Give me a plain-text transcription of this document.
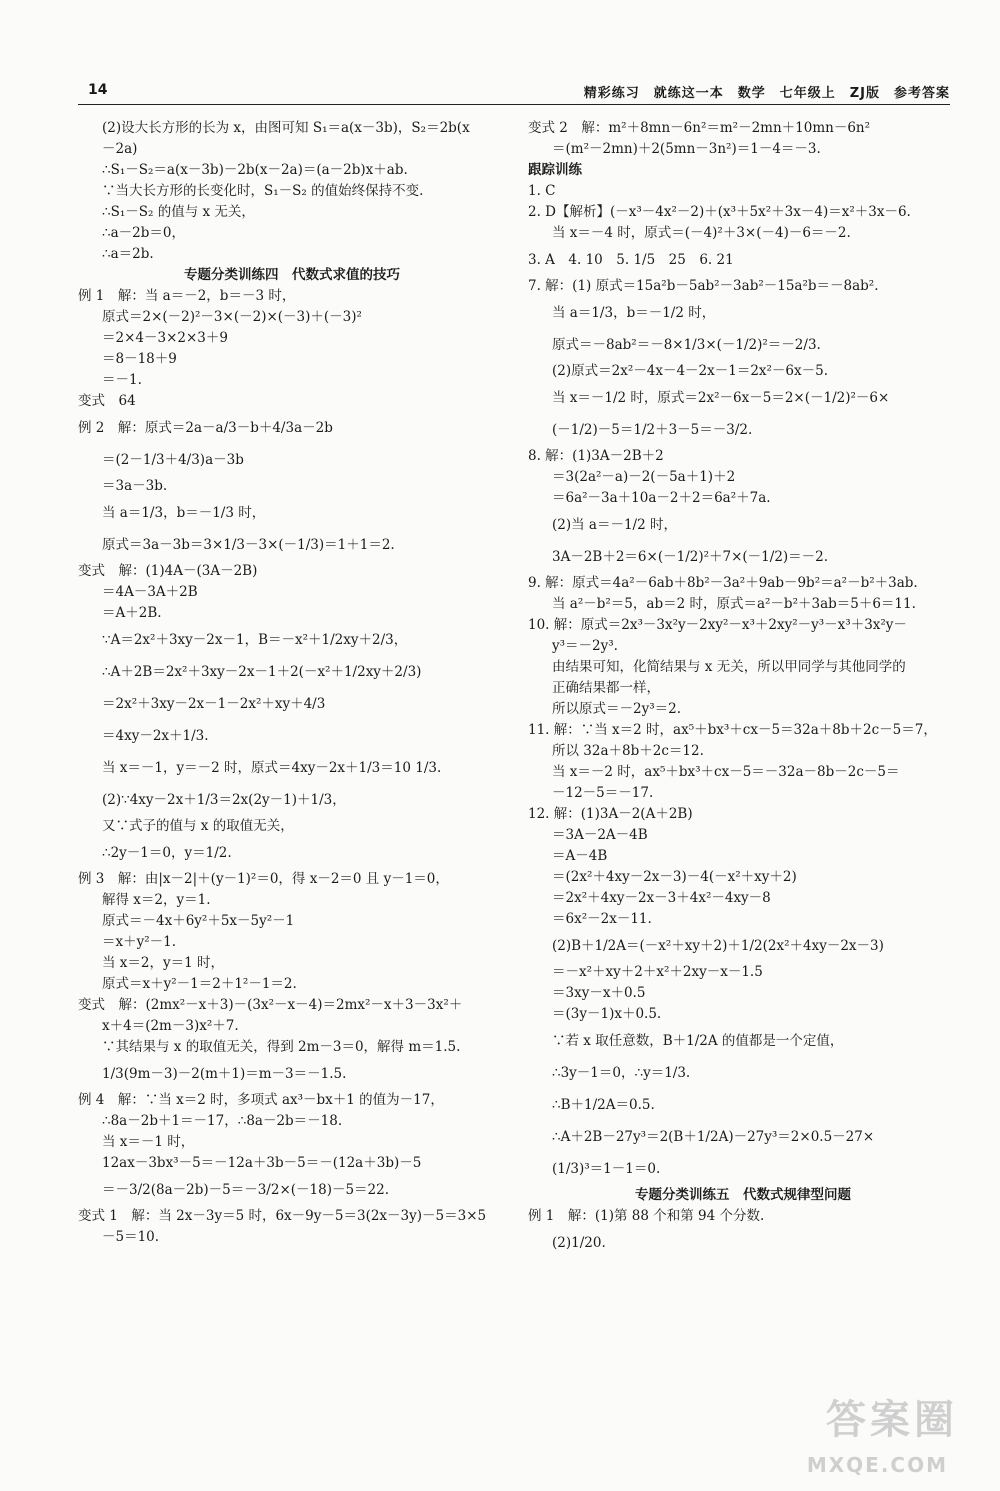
14	精彩练习　就练这一本　数学　七年级上　ZJ版　参考答案
(2)设大长方形的长为 x，由图可知 S₁＝a(x－3b)，S₂＝2b(x
－2a)
∴S₁－S₂＝a(x－3b)－2b(x－2a)＝(a－2b)x＋ab.
∵当大长方形的长变化时，S₁－S₂ 的值始终保持不变.
∴S₁－S₂ 的值与 x 无关，
∴a－2b＝0，
∴a＝2b.
专题分类训练四　代数式求值的技巧
例 1　解：当 a＝－2，b＝－3 时，
原式＝2×(－2)²－3×(－2)×(－3)＋(－3)²
＝2×4－3×2×3＋9
＝8－18＋9
＝－1.
变式　64
例 2　解：原式＝2a－a/3－b＋4/3a－2b
＝(2－1/3＋4/3)a－3b
＝3a－3b.
当 a＝1/3，b＝－1/3 时，
原式＝3a－3b＝3×1/3－3×(－1/3)＝1＋1＝2.
变式　解：(1)4A－(3A－2B)
＝4A－3A＋2B
＝A＋2B.
∵A＝2x²＋3xy－2x－1，B＝－x²＋1/2xy＋2/3，
∴A＋2B＝2x²＋3xy－2x－1＋2(－x²＋1/2xy＋2/3)
＝2x²＋3xy－2x－1－2x²＋xy＋4/3
＝4xy－2x＋1/3.
当 x＝－1，y＝－2 时，原式＝4xy－2x＋1/3＝10 1/3.
(2)∵4xy－2x＋1/3＝2x(2y－1)＋1/3，
又∵式子的值与 x 的取值无关，
∴2y－1＝0，y＝1/2.
例 3　解：由|x－2|＋(y－1)²＝0，得 x－2＝0 且 y－1＝0，
解得 x＝2，y＝1.
原式＝－4x＋6y²＋5x－5y²－1
＝x＋y²－1.
当 x＝2，y＝1 时，
原式＝x＋y²－1＝2＋1²－1＝2.
变式　解：(2mx²－x＋3)－(3x²－x－4)＝2mx²－x＋3－3x²＋
x＋4＝(2m－3)x²＋7.
∵其结果与 x 的取值无关，得到 2m－3＝0，解得 m＝1.5.
1/3(9m－3)－2(m＋1)＝m－3＝－1.5.
例 4　解：∵当 x＝2 时，多项式 ax³－bx＋1 的值为－17，
∴8a－2b＋1＝－17，∴8a－2b＝－18.
当 x＝－1 时，
12ax－3bx³－5＝－12a＋3b－5＝－(12a＋3b)－5
＝－3/2(8a－2b)－5＝－3/2×(－18)－5＝22.
变式 1　解：当 2x－3y＝5 时，6x－9y－5＝3(2x－3y)－5＝3×5
－5＝10.
变式 2　解：m²＋8mn－6n²＝m²－2mn＋10mn－6n²
＝(m²－2mn)＋2(5mn－3n²)＝1－4＝－3.
跟踪训练
1. C
2. D【解析】(－x³－4x²－2)＋(x³＋5x²＋3x－4)＝x²＋3x－6.
当 x＝－4 时，原式＝(－4)²＋3×(－4)－6＝－2.
3. A　4. 10　5. 1/5　25　6. 21
7. 解：(1) 原式＝15a²b－5ab²－3ab²－15a²b＝－8ab².
当 a＝1/3，b＝－1/2 时，
原式＝－8ab²＝－8×1/3×(－1/2)²＝－2/3.
(2)原式＝2x²－4x－4－2x－1＝2x²－6x－5.
当 x＝－1/2 时，原式＝2x²－6x－5＝2×(－1/2)²－6×
(－1/2)－5＝1/2＋3－5＝－3/2.
8. 解：(1)3A－2B＋2
＝3(2a²－a)－2(－5a＋1)＋2
＝6a²－3a＋10a－2＋2＝6a²＋7a.
(2)当 a＝－1/2 时，
3A－2B＋2＝6×(－1/2)²＋7×(－1/2)＝－2.
9. 解：原式＝4a²－6ab＋8b²－3a²＋9ab－9b²＝a²－b²＋3ab.
当 a²－b²＝5，ab＝2 时，原式＝a²－b²＋3ab＝5＋6＝11.
10. 解：原式＝2x³－3x²y－2xy²－x³＋2xy²－y³－x³＋3x²y－
y³＝－2y³.
由结果可知，化简结果与 x 无关，所以甲同学与其他同学的
正确结果都一样，
所以原式＝－2y³＝2.
11. 解：∵当 x＝2 时，ax⁵＋bx³＋cx－5＝32a＋8b＋2c－5＝7，
所以 32a＋8b＋2c＝12.
当 x＝－2 时，ax⁵＋bx³＋cx－5＝－32a－8b－2c－5＝
－12－5＝－17.
12. 解：(1)3A－2(A＋2B)
＝3A－2A－4B
＝A－4B
＝(2x²＋4xy－2x－3)－4(－x²＋xy＋2)
＝2x²＋4xy－2x－3＋4x²－4xy－8
＝6x²－2x－11.
(2)B＋1/2A＝(－x²＋xy＋2)＋1/2(2x²＋4xy－2x－3)
＝－x²＋xy＋2＋x²＋2xy－x－1.5
＝3xy－x＋0.5
＝(3y－1)x＋0.5.
∵若 x 取任意数，B＋1/2A 的值都是一个定值，
∴3y－1＝0，∴y＝1/3.
∴B＋1/2A＝0.5.
∴A＋2B－27y³＝2(B＋1/2A)－27y³＝2×0.5－27×
(1/3)³＝1－1＝0.
专题分类训练五　代数式规律型问题
例 1　解：(1)第 88 个和第 94 个分数.
(2)1/20.
答案圈
MXQE.COM
